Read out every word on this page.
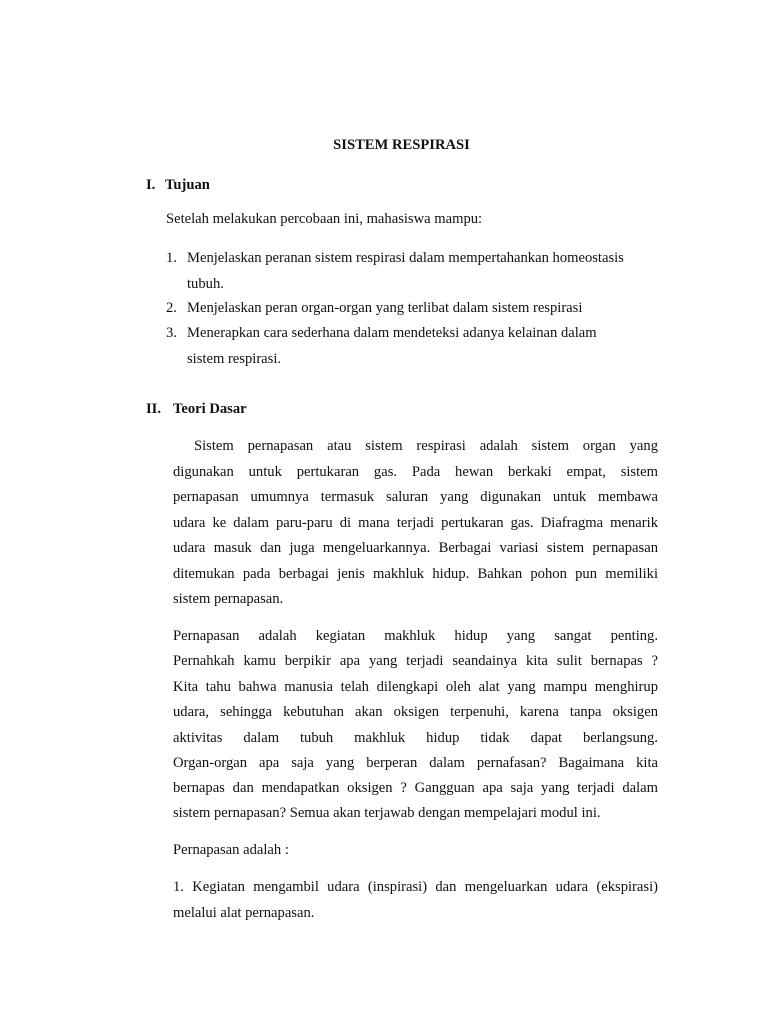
SISTEM RESPIRASI
I. Tujuan
Setelah melakukan percobaan ini, mahasiswa mampu:
1. Menjelaskan peranan sistem respirasi dalam mempertahankan homeostasis
tubuh.
2. Menjelaskan peran organ-organ yang terlibat dalam sistem respirasi
3. Menerapkan cara sederhana dalam mendeteksi adanya kelainan dalam
sistem respirasi.
II. Teori Dasar
Sistem pernapasan atau sistem respirasi adalah sistem organ yang
digunakan untuk pertukaran gas. Pada hewan berkaki empat, sistem
pernapasan umumnya termasuk saluran yang digunakan untuk membawa
udara ke dalam paru-paru di mana terjadi pertukaran gas. Diafragma menarik
udara masuk dan juga mengeluarkannya. Berbagai variasi sistem pernapasan
ditemukan pada berbagai jenis makhluk hidup. Bahkan pohon pun memiliki
sistem pernapasan.
Pernapasan adalah kegiatan makhluk hidup yang sangat penting.
Pernahkah kamu berpikir apa yang terjadi seandainya kita sulit bernapas ?
Kita tahu bahwa manusia telah dilengkapi oleh alat yang mampu menghirup
udara, sehingga kebutuhan akan oksigen terpenuhi, karena tanpa oksigen
aktivitas dalam tubuh makhluk hidup tidak dapat berlangsung.
Organ-organ apa saja yang berperan dalam pernafasan? Bagaimana kita
bernapas dan mendapatkan oksigen ? Gangguan apa saja yang terjadi dalam
sistem pernapasan? Semua akan terjawab dengan mempelajari modul ini.
Pernapasan adalah :
1. Kegiatan mengambil udara (inspirasi) dan mengeluarkan udara (ekspirasi)
melalui alat pernapasan.
